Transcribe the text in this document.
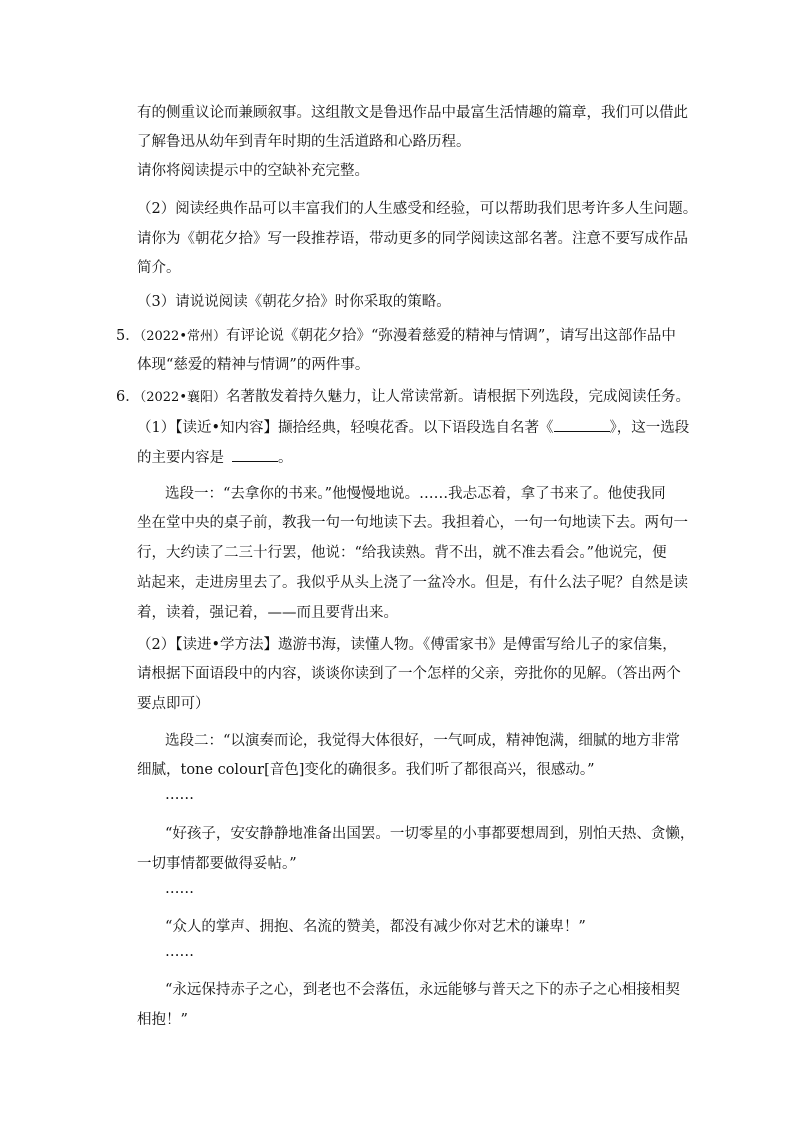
有的侧重议论而兼顾叙事。这组散文是鲁迅作品中最富生活情趣的篇章，我们可以借此
了解鲁迅从幼年到青年时期的生活道路和心路历程。
请你将阅读提示中的空缺补充完整。
（2）阅读经典作品可以丰富我们的人生感受和经验，可以帮助我们思考许多人生问题。
请你为《朝花夕拾》写一段推荐语，带动更多的同学阅读这部名著。注意不要写成作品
简介。
（3）请说说阅读《朝花夕拾》时你采取的策略。
5．（2022•常州）有评论说《朝花夕拾》“弥漫着慈爱的精神与情调”，请写出这部作品中
体现“慈爱的精神与情调”的两件事。
6．（2022•襄阳）名著散发着持久魅力，让人常读常新。请根据下列选段，完成阅读任务。
（1）【读近•知内容】撷拾经典，轻嗅花香。以下语段选自名著《	》，这一选段
的主要内容是	。
选段一：“去拿你的书来。”他慢慢地说。……我忐忑着，拿了书来了。他使我同
坐在堂中央的桌子前，教我一句一句地读下去。我担着心，一句一句地读下去。两句一
行，大约读了二三十行罢，他说：“给我读熟。背不出，就不准去看会。”他说完，便
站起来，走进房里去了。我似乎从头上浇了一盆冷水。但是，有什么法子呢？自然是读
着，读着，强记着，——而且要背出来。
（2）【读进•学方法】遨游书海，读懂人物。《傅雷家书》是傅雷写给儿子的家信集，
请根据下面语段中的内容，谈谈你读到了一个怎样的父亲，旁批你的见解。（答出两个
要点即可）
选段二：“以演奏而论，我觉得大体很好，一气呵成，精神饱满，细腻的地方非常
细腻，tone colour[音色]变化的确很多。我们听了都很高兴，很感动。”
……
“好孩子，安安静静地准备出国罢。一切零星的小事都要想周到，别怕天热、贪懒，
一切事情都要做得妥帖。”
……
“众人的掌声、拥抱、名流的赞美，都没有减少你对艺术的谦卑！”
……
“永远保持赤子之心，到老也不会落伍，永远能够与普天之下的赤子之心相接相契
相抱！”
